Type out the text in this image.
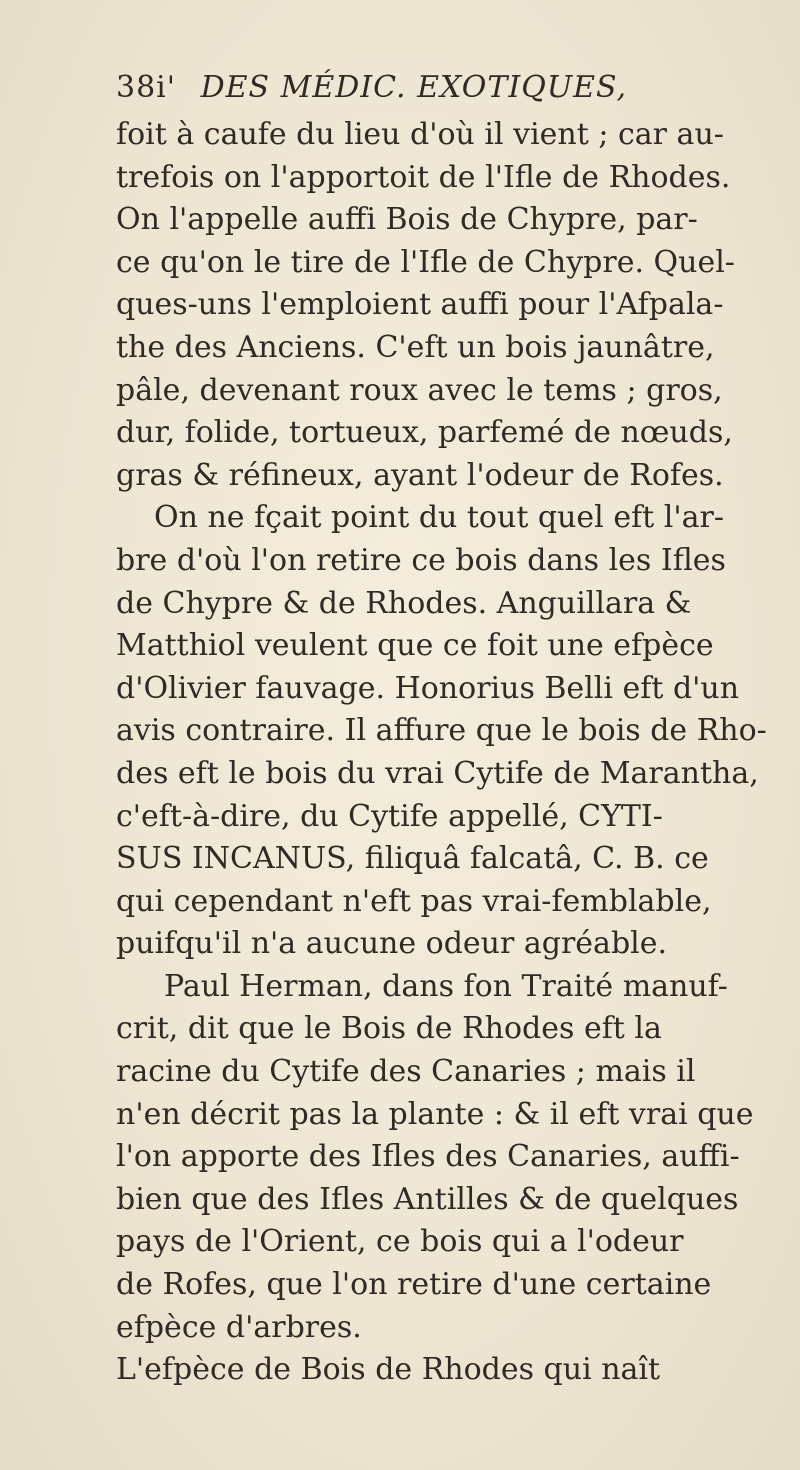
38i' DES MÉDIC. EXOTIQUES,
foit à caufe du lieu d'où il vient ; car au-
trefois on l'apportoit de l'Ifle de Rhodes.
On l'appelle auffi Bois de Chypre, par-
ce qu'on le tire de l'Ifle de Chypre. Quel-
ques-uns l'emploient auffi pour l'Afpala-
the des Anciens. C'eft un bois jaunâtre,
pâle, devenant roux avec le tems ; gros,
dur, folide, tortueux, parfemé de nœuds,
gras & réfineux, ayant l'odeur de Rofes.
On ne fçait point du tout quel eft l'ar-
bre d'où l'on retire ce bois dans les Ifles
de Chypre & de Rhodes. Anguillara &
Matthiol veulent que ce foit une efpèce
d'Olivier fauvage. Honorius Belli eft d'un
avis contraire. Il affure que le bois de Rho-
des eft le bois du vrai Cytife de Marantha,
c'eft-à-dire, du Cytife appellé, CYTI-
SUS INCANUS, filiquâ falcatâ, C. B. ce
qui cependant n'eft pas vrai-femblable,
puifqu'il n'a aucune odeur agréable.
Paul Herman, dans fon Traité manuf-
crit, dit que le Bois de Rhodes eft la
racine du Cytife des Canaries ; mais il
n'en décrit pas la plante : & il eft vrai que
l'on apporte des Ifles des Canaries, auffi-
bien que des Ifles Antilles & de quelques
pays de l'Orient, ce bois qui a l'odeur
de Rofes, que l'on retire d'une certaine
efpèce d'arbres.
L'efpèce de Bois de Rhodes qui naît
